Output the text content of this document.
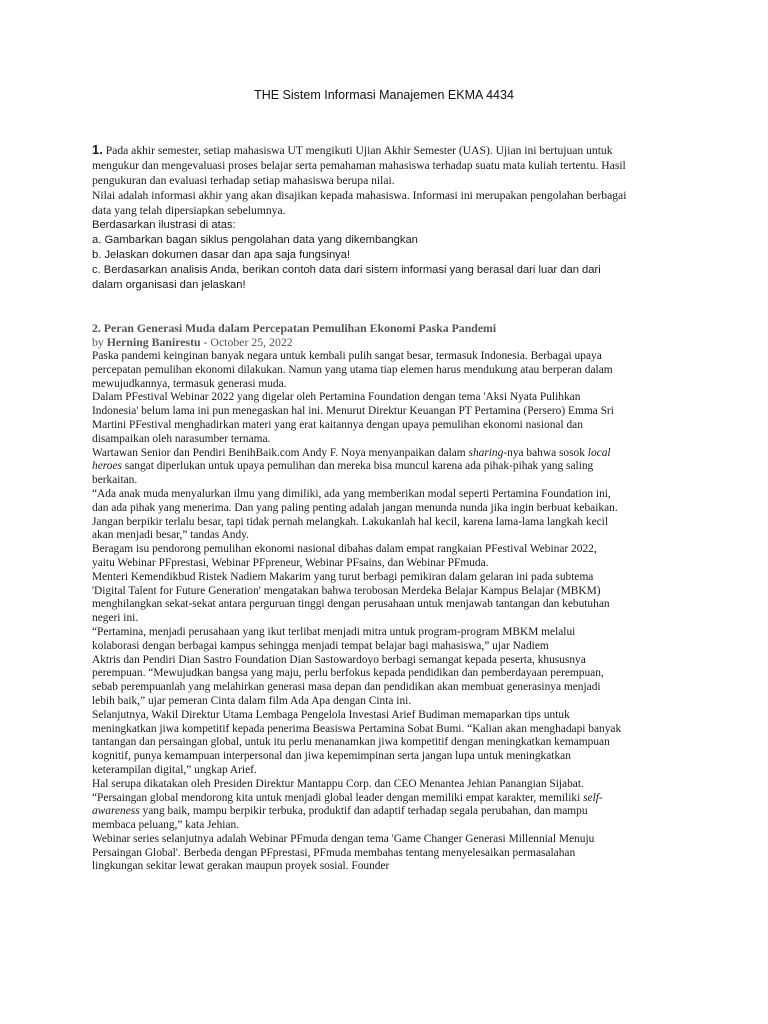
THE Sistem Informasi Manajemen EKMA 4434

1. Pada akhir semester, setiap mahasiswa UT mengikuti Ujian Akhir Semester (UAS). Ujian ini bertujuan untuk mengukur dan mengevaluasi proses belajar serta pemahaman mahasiswa terhadap suatu mata kuliah tertentu. Hasil pengukuran dan evaluasi terhadap setiap mahasiswa berupa nilai.

Nilai adalah informasi akhir yang akan disajikan kepada mahasiswa. Informasi ini merupakan pengolahan berbagai data yang telah dipersiapkan sebelumnya.

Berdasarkan ilustrasi di atas:

a. Gambarkan bagan siklus pengolahan data yang dikembangkan

b. Jelaskan dokumen dasar dan apa saja fungsinya!

c. Berdasarkan analisis Anda, berikan contoh data dari sistem informasi yang berasal dari luar dan dari dalam organisasi dan jelaskan!

2. Peran Generasi Muda dalam Percepatan Pemulihan Ekonomi Paska Pandemi

by Herning Banirestu - October 25, 2022

Paska pandemi keinginan banyak negara untuk kembali pulih sangat besar, termasuk Indonesia. Berbagai upaya percepatan pemulihan ekonomi dilakukan. Namun yang utama tiap elemen harus mendukung atau berperan dalam mewujudkannya, termasuk generasi muda.

Dalam PFestival Webinar 2022 yang digelar oleh Pertamina Foundation dengan tema 'Aksi Nyata Pulihkan Indonesia' belum lama ini pun menegaskan hal ini. Menurut Direktur Keuangan PT Pertamina (Persero) Emma Sri Martini PFestival menghadirkan materi yang erat kaitannya dengan upaya pemulihan ekonomi nasional dan disampaikan oleh narasumber ternama.

Wartawan Senior dan Pendiri BenihBaik.com Andy F. Noya menyanpaikan dalam sharing-nya bahwa sosok local heroes sangat diperlukan untuk upaya pemulihan dan mereka bisa muncul karena ada pihak-pihak yang saling berkaitan.

“Ada anak muda menyalurkan ilmu yang dimiliki, ada yang memberikan modal seperti Pertamina Foundation ini, dan ada pihak yang menerima. Dan yang paling penting adalah jangan menunda nunda jika ingin berbuat kebaikan. Jangan berpikir terlalu besar, tapi tidak pernah melangkah. Lakukanlah hal kecil, karena lama-lama langkah kecil akan menjadi besar,” tandas Andy.

Beragam isu pendorong pemulihan ekonomi nasional dibahas dalam empat rangkaian PFestival Webinar 2022, yaitu Webinar PFprestasi, Webinar PFpreneur, Webinar PFsains, dan Webinar PFmuda.

Menteri Kemendikbud Ristek Nadiem Makarim yang turut berbagi pemikiran dalam gelaran ini pada subtema 'Digital Talent for Future Generation' mengatakan bahwa terobosan Merdeka Belajar Kampus Belajar (MBKM) menghilangkan sekat-sekat antara perguruan tinggi dengan perusahaan untuk menjawab tantangan dan kebutuhan negeri ini.

“Pertamina, menjadi perusahaan yang ikut terlibat menjadi mitra untuk program-program MBKM melalui kolaborasi dengan berbagai kampus sehingga menjadi tempat belajar bagi mahasiswa,” ujar Nadiem

Aktris dan Pendiri Dian Sastro Foundation Dian Sastowardoyo berbagi semangat kepada peserta, khususnya perempuan. “Mewujudkan bangsa yang maju, perlu berfokus kepada pendidikan dan pemberdayaan perempuan, sebab perempuanlah yang melahirkan generasi masa depan dan pendidikan akan membuat generasinya menjadi lebih baik,” ujar pemeran Cinta dalam film Ada Apa dengan Cinta ini.

Selanjutnya, Wakil Direktur Utama Lembaga Pengelola Investasi Arief Budiman memaparkan tips untuk meningkatkan jiwa kompetitif kepada penerima Beasiswa Pertamina Sobat Bumi. “Kalian akan menghadapi banyak tantangan dan persaingan global, untuk itu perlu menanamkan jiwa kompetitif dengan meningkatkan kemampuan kognitif, punya kemampuan interpersonal dan jiwa kepemimpinan serta jangan lupa untuk meningkatkan keterampilan digital,” ungkap Arief.

Hal serupa dikatakan oleh Presiden Direktur Mantappu Corp. dan CEO Menantea Jehian Panangian Sijabat. “Persaingan global mendorong kita untuk menjadi global leader dengan memiliki empat karakter, memiliki self-awareness yang baik, mampu berpikir terbuka, produktif dan adaptif terhadap segala perubahan, dan mampu membaca peluang,” kata Jehian.

Webinar series selanjutnya adalah Webinar PFmuda dengan tema 'Game Changer Generasi Millennial Menuju Persaingan Global'. Berbeda dengan PFprestasi, PFmuda membahas tentang menyelesaikan permasalahan lingkungan sekitar lewat gerakan maupun proyek sosial. Founder
